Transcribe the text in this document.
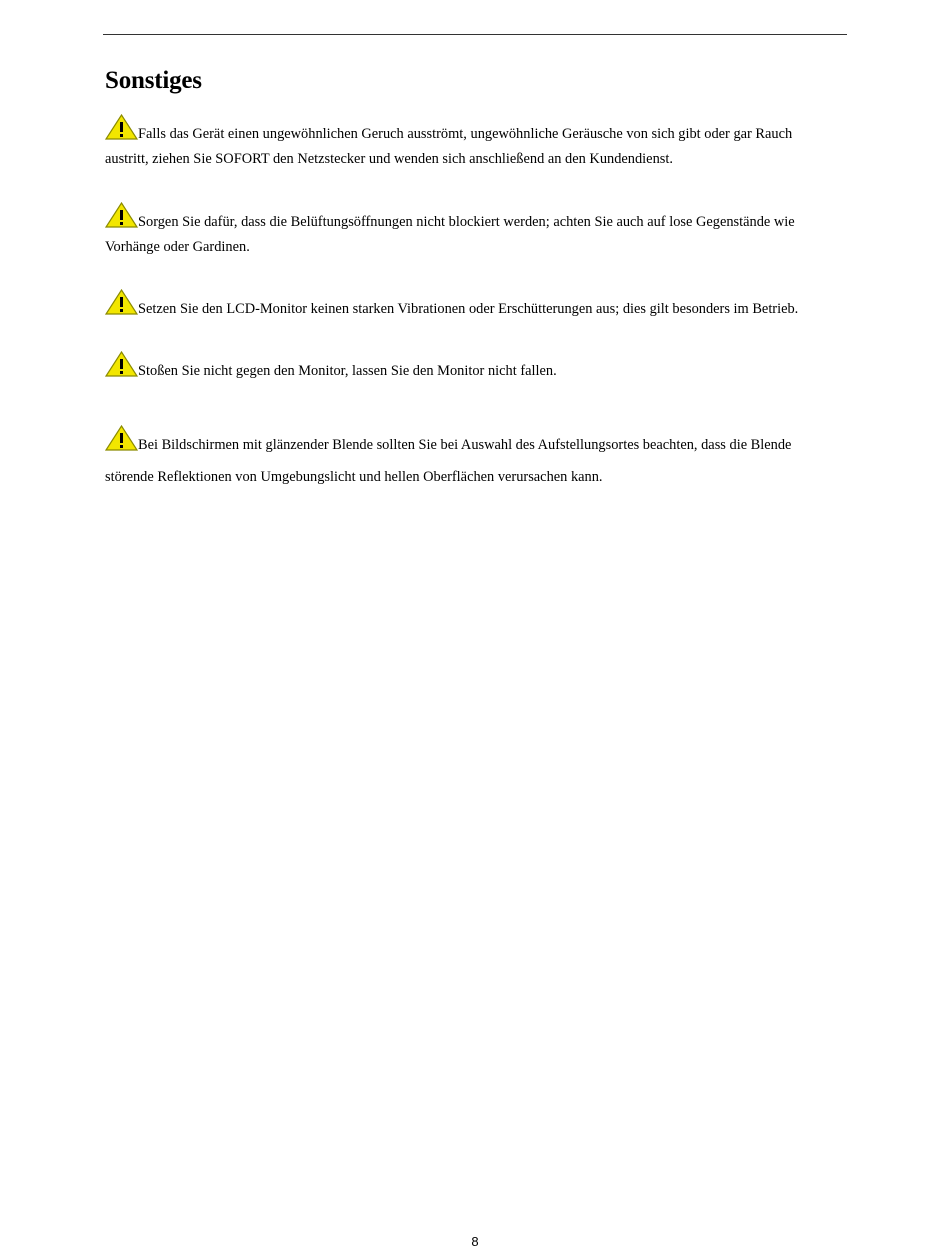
Sonstiges

Falls das Gerät einen ungewöhnlichen Geruch ausströmt, ungewöhnliche Geräusche von sich gibt oder gar Rauch austritt, ziehen Sie SOFORT den Netzstecker und wenden sich anschließend an den Kundendienst.

Sorgen Sie dafür, dass die Belüftungsöffnungen nicht blockiert werden; achten Sie auch auf lose Gegenstände wie Vorhänge oder Gardinen.

Setzen Sie den LCD-Monitor keinen starken Vibrationen oder Erschütterungen aus; dies gilt besonders im Betrieb.

Stoßen Sie nicht gegen den Monitor, lassen Sie den Monitor nicht fallen.

Bei Bildschirmen mit glänzender Blende sollten Sie bei Auswahl des Aufstellungsortes beachten, dass die Blende störende Reflektionen von Umgebungslicht und hellen Oberflächen verursachen kann.

8
